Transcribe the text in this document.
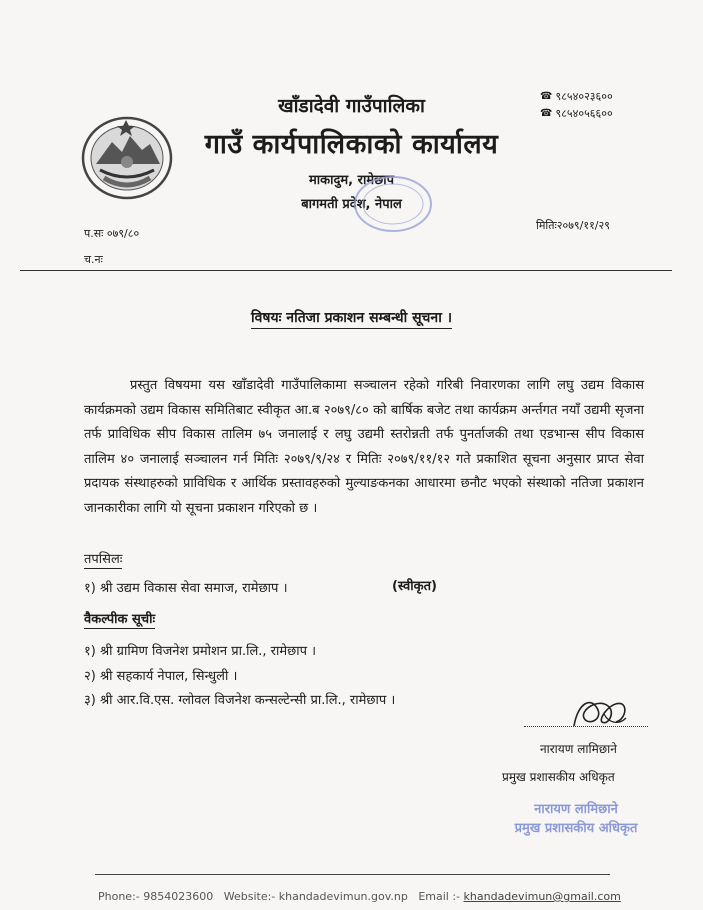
खाँडादेवी गाउँपालिका
गाउँ कार्यपालिकाको कार्यालय
माकादुम, रामेछाप
बागमती प्रदेश, नेपाल
☎ ९८५४०२३६००
☎ ९८५४०५६६००
मितिः२०७९/११/२९
प.सः ०७९/८०
च.नः
विषयः नतिजा प्रकाशन सम्बन्धी सूचना ।
प्रस्तुत विषयमा यस खाँडादेवी गाउँपालिकामा सञ्चालन रहेको गरिबी निवारणका लागि लघु उद्यम विकास कार्यक्रमको उद्यम विकास समितिबाट स्वीकृत आ.ब २०७९/८० को बार्षिक बजेट तथा कार्यक्रम अर्न्तगत नयाँ उद्यमी सृजना तर्फ प्राविधिक सीप विकास तालिम ७५ जनालाई र लघु उद्यमी स्तरोन्नती तर्फ पुनर्ताजकी तथा एडभान्स सीप विकास तालिम ४० जनालाई सञ्चालन गर्न मितिः २०७९/९/२४ र मितिः २०७९/११/१२ गते प्रकाशित सूचना अनुसार प्राप्त सेवा प्रदायक संस्थाहरुको प्राविधिक र आर्थिक प्रस्तावहरुको मुल्याङकनका आधारमा छनौट भएको संस्थाको नतिजा प्रकाशन जानकारीका लागि यो सूचना प्रकाशन गरिएको छ ।
तपसिलः
१) श्री उद्यम विकास सेवा समाज, रामेछाप ।	(स्वीकृत)
वैकल्पीक सूचीः
१) श्री ग्रामिण विजनेश प्रमोशन प्रा.लि., रामेछाप ।
२) श्री सहकार्य नेपाल, सिन्धुली ।
३) श्री आर.वि.एस. ग्लोवल विजनेश कन्सल्टेन्सी प्रा.लि., रामेछाप ।
नारायण लामिछाने
प्रमुख प्रशासकीय अधिकृत
नारायण लामिछाने
प्रमुख प्रशासकीय अधिकृत
Phone:- 9854023600 Website:- khandadevimun.gov.np Email :- khandadevimun@gmail.com
